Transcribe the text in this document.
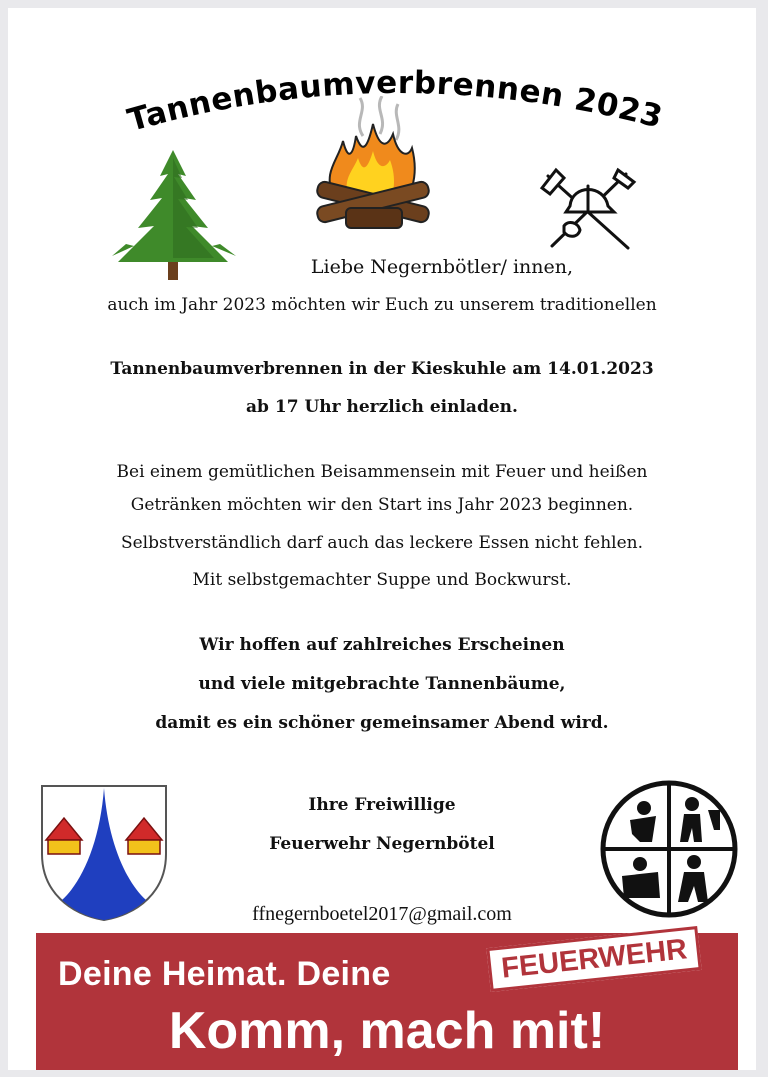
Tannenbaumverbrennen 2023
Liebe Negernbötler/ innen,
auch im Jahr 2023 möchten wir Euch zu unserem traditionellen
Tannenbaumverbrennen in der Kieskuhle am 14.01.2023
ab 17 Uhr herzlich einladen.
Bei einem gemütlichen Beisammensein mit Feuer und heißen
Getränken möchten wir den Start ins Jahr 2023 beginnen.
Selbstverständlich darf auch das leckere Essen nicht fehlen.
Mit selbstgemachter Suppe und Bockwurst.
Wir hoffen auf zahlreiches Erscheinen
und viele mitgebrachte Tannenbäume,
damit es ein schöner gemeinsamer Abend wird.
Ihre Freiwillige
Feuerwehr Negernbötel
ffnegernboetel2017@gmail.com
Deine Heimat. Deine	FEUERWEHR
Komm, mach mit!
